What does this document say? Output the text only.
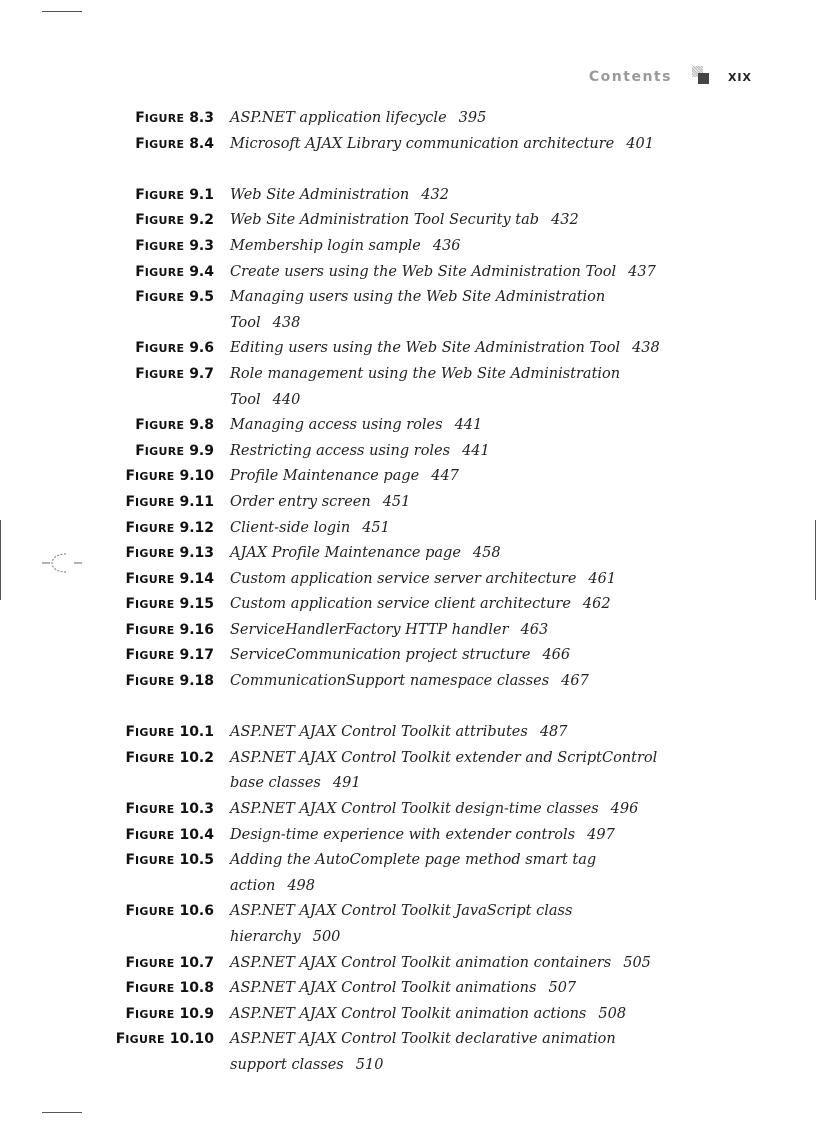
Contents	XIX
FIGURE 8.3 ASP.NET application lifecycle 395
FIGURE 8.4 Microsoft AJAX Library communication architecture 401
FIGURE 9.1 Web Site Administration 432
FIGURE 9.2 Web Site Administration Tool Security tab 432
FIGURE 9.3 Membership login sample 436
FIGURE 9.4 Create users using the Web Site Administration Tool 437
FIGURE 9.5 Managing users using the Web Site Administration Tool 438
FIGURE 9.6 Editing users using the Web Site Administration Tool 438
FIGURE 9.7 Role management using the Web Site Administration Tool 440
FIGURE 9.8 Managing access using roles 441
FIGURE 9.9 Restricting access using roles 441
FIGURE 9.10 Profile Maintenance page 447
FIGURE 9.11 Order entry screen 451
FIGURE 9.12 Client-side login 451
FIGURE 9.13 AJAX Profile Maintenance page 458
FIGURE 9.14 Custom application service server architecture 461
FIGURE 9.15 Custom application service client architecture 462
FIGURE 9.16 ServiceHandlerFactory HTTP handler 463
FIGURE 9.17 ServiceCommunication project structure 466
FIGURE 9.18 CommunicationSupport namespace classes 467
FIGURE 10.1 ASP.NET AJAX Control Toolkit attributes 487
FIGURE 10.2 ASP.NET AJAX Control Toolkit extender and ScriptControl base classes 491
FIGURE 10.3 ASP.NET AJAX Control Toolkit design-time classes 496
FIGURE 10.4 Design-time experience with extender controls 497
FIGURE 10.5 Adding the AutoComplete page method smart tag action 498
FIGURE 10.6 ASP.NET AJAX Control Toolkit JavaScript class hierarchy 500
FIGURE 10.7 ASP.NET AJAX Control Toolkit animation containers 505
FIGURE 10.8 ASP.NET AJAX Control Toolkit animations 507
FIGURE 10.9 ASP.NET AJAX Control Toolkit animation actions 508
FIGURE 10.10 ASP.NET AJAX Control Toolkit declarative animation support classes 510
